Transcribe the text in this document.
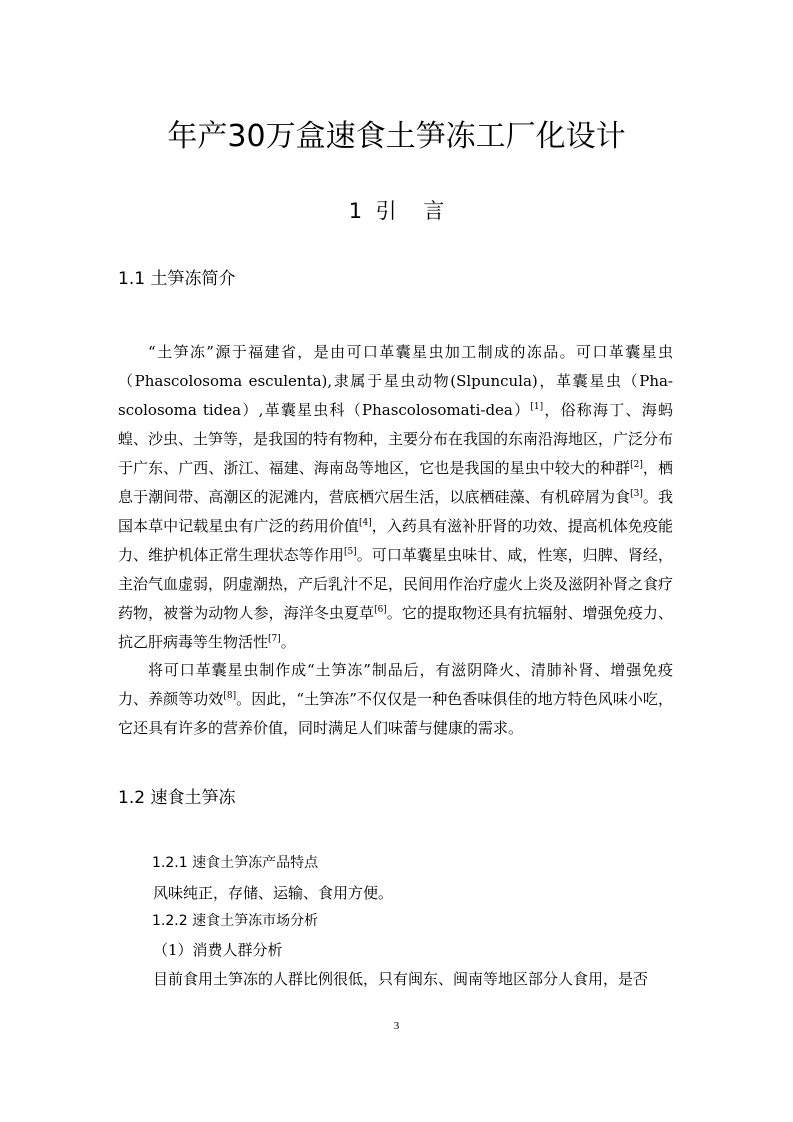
年产30万盒速食土笋冻工厂化设计
1  引    言
1.1 土笋冻简介

“土笋冻”源于福建省，是由可口革囊星虫加工制成的冻品。可口革囊星虫（Phascolosoma esculenta),隶属于星虫动物(Slpuncula)，革囊星虫（Pha-scolosoma tidea）,革囊星虫科（Phascolosomati-dea）[1]，俗称海丁、海蚂蝗、沙虫、土笋等，是我国的特有物种，主要分布在我国的东南沿海地区，广泛分布于广东、广西、浙江、福建、海南岛等地区，它也是我国的星虫中较大的种群[2]，栖息于潮间带、高潮区的泥滩内，营底栖穴居生活，以底栖硅藻、有机碎屑为食[3]。我国本草中记载星虫有广泛的药用价值[4]，入药具有滋补肝肾的功效、提高机体免疫能力、维护机体正常生理状态等作用[5]。可口革囊星虫味甘、咸，性寒，归脾、肾经，主治气血虚弱，阴虚潮热，产后乳汁不足，民间用作治疗虚火上炎及滋阴补肾之食疗药物，被誉为动物人参，海洋冬虫夏草[6]。它的提取物还具有抗辐射、增强免疫力、抗乙肝病毒等生物活性[7]。

将可口革囊星虫制作成“土笋冻”制品后，有滋阴降火、清肺补肾、增强免疫力、养颜等功效[8]。因此，“土笋冻”不仅仅是一种色香味俱佳的地方特色风味小吃，它还具有许多的营养价值，同时满足人们味蕾与健康的需求。

1.2 速食土笋冻
1.2.1 速食土笋冻产品特点
风味纯正，存储、运输、食用方便。
1.2.2 速食土笋冻市场分析
（1）消费人群分析
目前食用土笋冻的人群比例很低，只有闽东、闽南等地区部分人食用，是否
3
